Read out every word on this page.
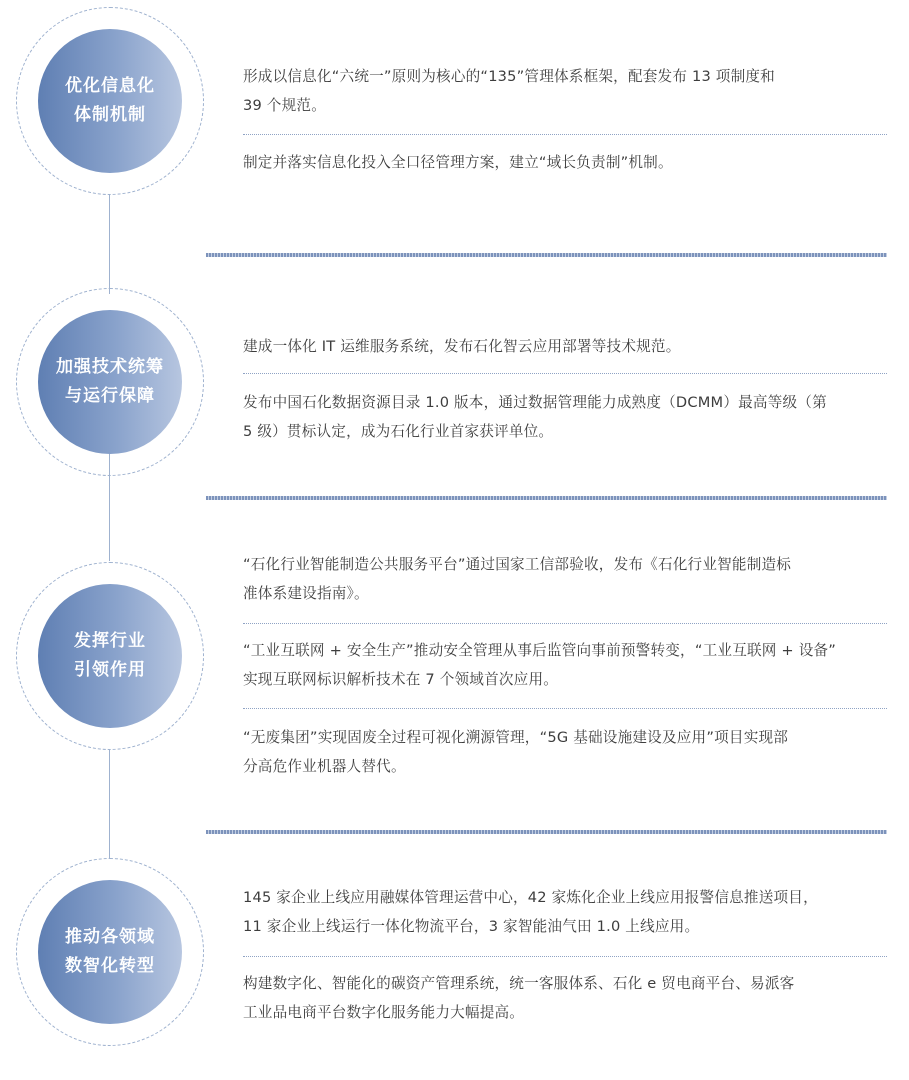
优化信息化
体制机制

形成以信息化“六统一”原则为核心的“135”管理体系框架，配套发布 13 项制度和
39 个规范。

制定并落实信息化投入全口径管理方案，建立“域长负责制”机制。

加强技术统筹
与运行保障

建成一体化 IT 运维服务系统，发布石化智云应用部署等技术规范。

发布中国石化数据资源目录 1.0 版本，通过数据管理能力成熟度（DCMM）最高等级（第
5 级）贯标认定，成为石化行业首家获评单位。

发挥行业
引领作用

“石化行业智能制造公共服务平台”通过国家工信部验收，发布《石化行业智能制造标
准体系建设指南》。

“工业互联网 + 安全生产”推动安全管理从事后监管向事前预警转变，“工业互联网 + 设备”
实现互联网标识解析技术在 7 个领域首次应用。

“无废集团”实现固废全过程可视化溯源管理，“5G 基础设施建设及应用”项目实现部
分高危作业机器人替代。

推动各领域
数智化转型

145 家企业上线应用融媒体管理运营中心，42 家炼化企业上线应用报警信息推送项目，
11 家企业上线运行一体化物流平台，3 家智能油气田 1.0 上线应用。

构建数字化、智能化的碳资产管理系统，统一客服体系、石化 e 贸电商平台、易派客
工业品电商平台数字化服务能力大幅提高。
